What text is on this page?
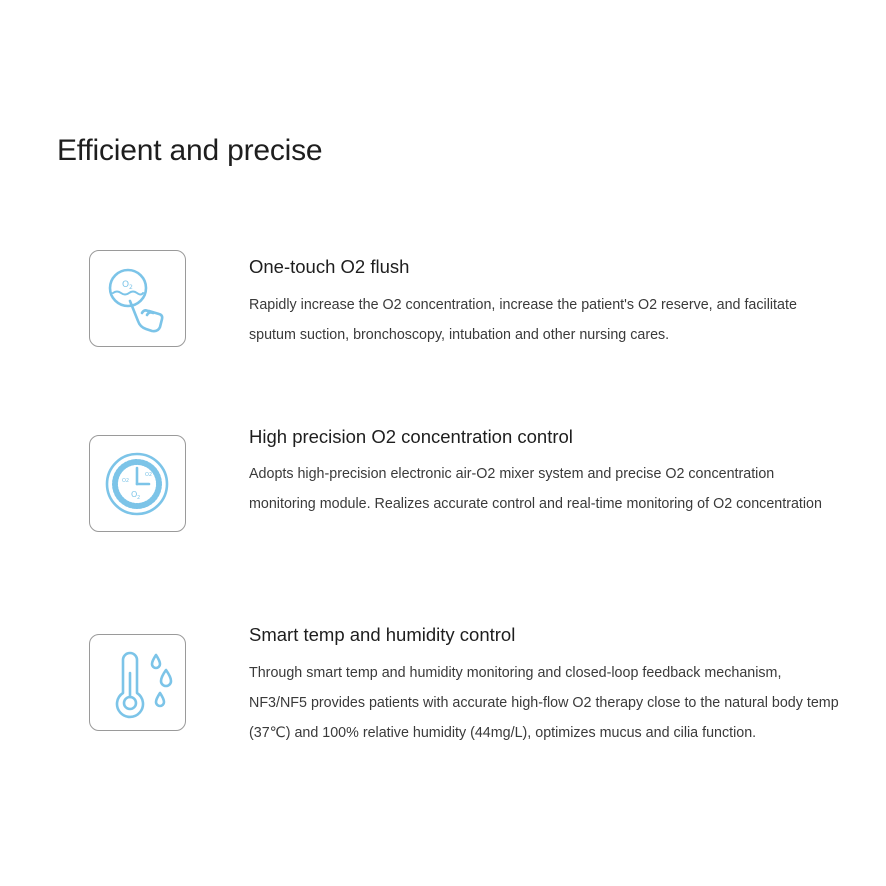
Efficient and precise
O 2
One-touch O2 flush

Rapidly increase the O2 concentration, increase the patient's O2 reserve, and facilitate sputum suction, bronchoscopy, intubation and other nursing cares.

O 2
O2
O2
High precision O2 concentration control

Adopts high-precision electronic air-O2 mixer system and precise O2 concentration monitoring module. Realizes accurate control and real-time monitoring of O2 concentration

Smart temp and humidity control

Through smart temp and humidity monitoring and closed-loop feedback mechanism, NF3/NF5 provides patients with accurate high-flow O2 therapy close to the natural body temp (37℃) and 100% relative humidity (44mg/L), optimizes mucus and cilia function.
